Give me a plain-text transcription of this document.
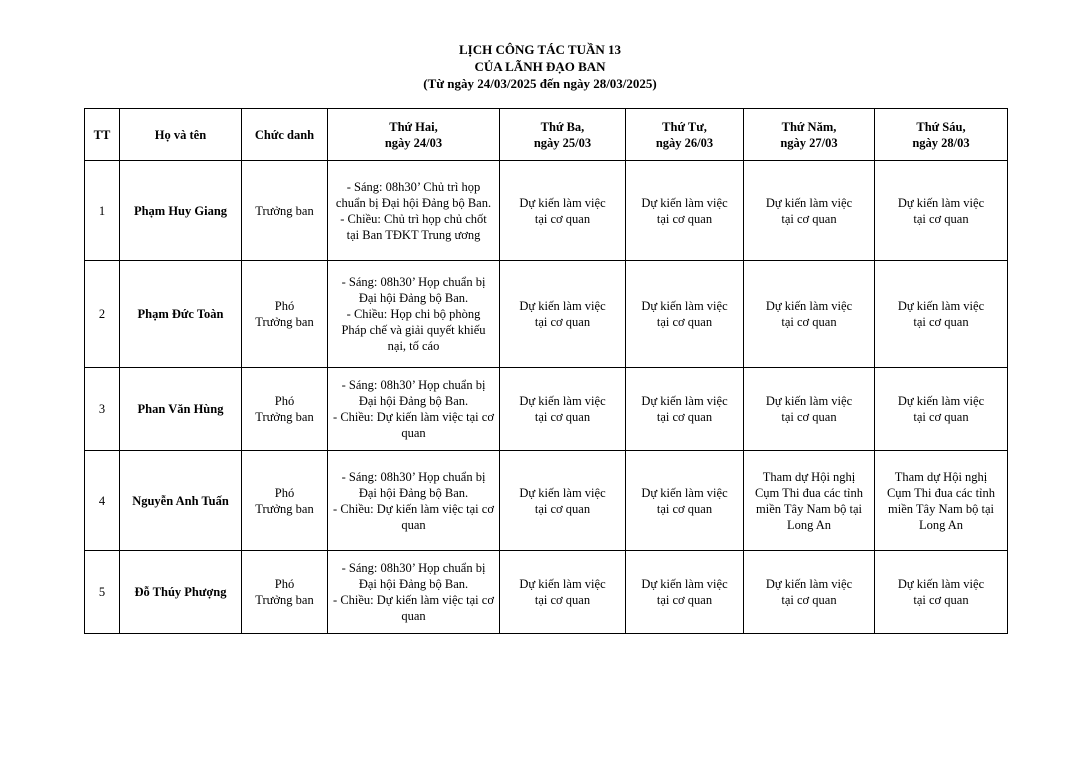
LỊCH CÔNG TÁC TUẦN 13
CỦA LÃNH ĐẠO BAN
(Từ ngày 24/03/2025 đến ngày 28/03/2025)
TT	Họ và tên	Chức danh	Thứ Hai,
ngày 24/03	Thứ Ba,
ngày 25/03	Thứ Tư,
ngày 26/03	Thứ Năm,
ngày 27/03	Thứ Sáu,
ngày 28/03

1	Phạm Huy Giang	Trưởng ban	- Sáng: 08h30’ Chủ trì họp chuẩn bị Đại hội Đảng bộ Ban.
- Chiều: Chủ trì họp chủ chốt tại Ban TĐKT Trung ương	Dự kiến làm việc
tại cơ quan	Dự kiến làm việc
tại cơ quan	Dự kiến làm việc
tại cơ quan	Dự kiến làm việc
tại cơ quan

2	Phạm Đức Toàn	Phó
Trưởng ban	- Sáng: 08h30’ Họp chuẩn bị Đại hội Đảng bộ Ban.
- Chiều: Họp chi bộ phòng Pháp chế và giải quyết khiếu nại, tố cáo	Dự kiến làm việc
tại cơ quan	Dự kiến làm việc
tại cơ quan	Dự kiến làm việc
tại cơ quan	Dự kiến làm việc
tại cơ quan

3	Phan Văn Hùng	Phó
Trưởng ban	- Sáng: 08h30’ Họp chuẩn bị Đại hội Đảng bộ Ban.
- Chiều: Dự kiến làm việc tại cơ quan	Dự kiến làm việc
tại cơ quan	Dự kiến làm việc
tại cơ quan	Dự kiến làm việc
tại cơ quan	Dự kiến làm việc
tại cơ quan

4	Nguyễn Anh Tuấn	Phó
Trưởng ban	- Sáng: 08h30’ Họp chuẩn bị Đại hội Đảng bộ Ban.
- Chiều: Dự kiến làm việc tại cơ quan	Dự kiến làm việc
tại cơ quan	Dự kiến làm việc
tại cơ quan	Tham dự Hội nghị
Cụm Thi đua các tỉnh
miền Tây Nam bộ tại
Long An	Tham dự Hội nghị
Cụm Thi đua các tỉnh
miền Tây Nam bộ tại
Long An

5	Đỗ Thúy Phượng	Phó
Trưởng ban	- Sáng: 08h30’ Họp chuẩn bị Đại hội Đảng bộ Ban.
- Chiều: Dự kiến làm việc tại cơ quan	Dự kiến làm việc
tại cơ quan	Dự kiến làm việc
tại cơ quan	Dự kiến làm việc
tại cơ quan	Dự kiến làm việc
tại cơ quan
